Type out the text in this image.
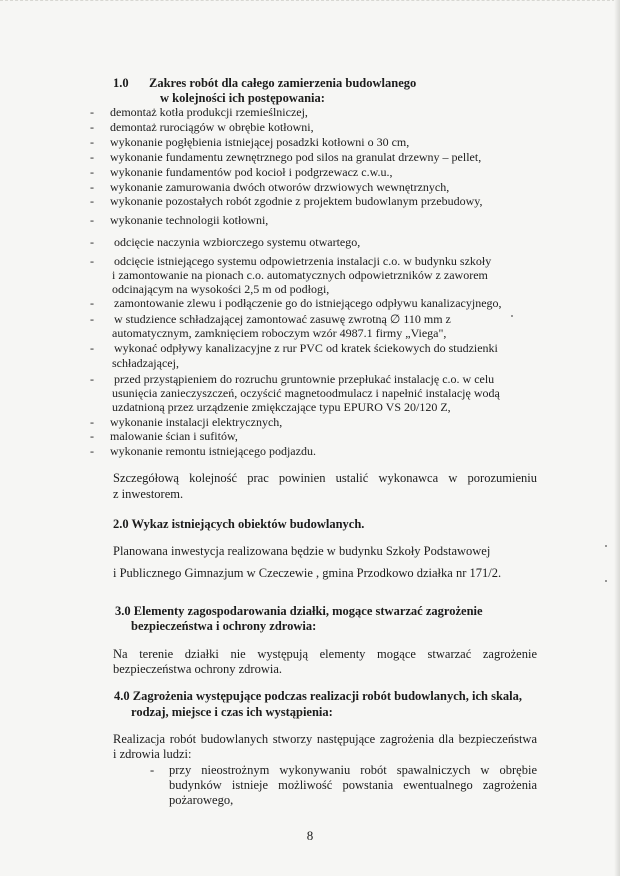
1.0 Zakres robót dla całego zamierzenia budowlanego
w kolejności ich postępowania:
- demontaż kotła produkcji rzemieślniczej,
- demontaż rurociągów w obrębie kotłowni,
- wykonanie pogłębienia istniejącej posadzki kotłowni o 30 cm,
- wykonanie fundamentu zewnętrznego pod silos na granulat drzewny – pellet,
- wykonanie fundamentów pod kocioł i podgrzewacz c.w.u.,
- wykonanie zamurowania dwóch otworów drzwiowych wewnętrznych,
- wykonanie pozostałych robót zgodnie z projektem budowlanym przebudowy,
- wykonanie technologii kotłowni,
- odcięcie naczynia wzbiorczego systemu otwartego,
- odcięcie istniejącego systemu odpowietrzenia instalacji c.o. w budynku szkoły
i zamontowanie na pionach c.o. automatycznych odpowietrzników z zaworem
odcinającym na wysokości 2,5 m od podłogi,
- zamontowanie zlewu i podłączenie go do istniejącego odpływu kanalizacyjnego,
- w studzience schładzającej zamontować zasuwę zwrotną ∅ 110 mm z
automatycznym, zamknięciem roboczym wzór 4987.1 firmy „Viega",
- wykonać odpływy kanalizacyjne z rur PVC od kratek ściekowych do studzienki
schładzającej,
- przed przystąpieniem do rozruchu gruntownie przepłukać instalację c.o. w celu
usunięcia zanieczyszczeń, oczyścić magnetoodmulacz i napełnić instalację wodą
uzdatnioną przez urządzenie zmiękczające typu EPURO VS 20/120 Z,
- wykonanie instalacji elektrycznych,
- malowanie ścian i sufitów,
- wykonanie remontu istniejącego podjazdu.
Szczegółową kolejność prac powinien ustalić wykonawca w porozumieniu
z inwestorem.
2.0 Wykaz istniejących obiektów budowlanych.
Planowana inwestycja realizowana będzie w budynku Szkoły Podstawowej
i Publicznego Gimnazjum w Czeczewie , gmina Przodkowo działka nr 171/2.
3.0 Elementy zagospodarowania działki, mogące stwarzać zagrożenie
bezpieczeństwa i ochrony zdrowia:
Na terenie działki nie występują elementy mogące stwarzać zagrożenie
bezpieczeństwa ochrony zdrowia.
4.0 Zagrożenia występujące podczas realizacji robót budowlanych, ich skala,
rodzaj, miejsce i czas ich wystąpienia:
Realizacja robót budowlanych stworzy następujące zagrożenia dla bezpieczeństwa
i zdrowia ludzi:
- przy nieostrożnym wykonywaniu robót spawalniczych w obrębie
budynków istnieje możliwość powstania ewentualnego zagrożenia
pożarowego,
8
